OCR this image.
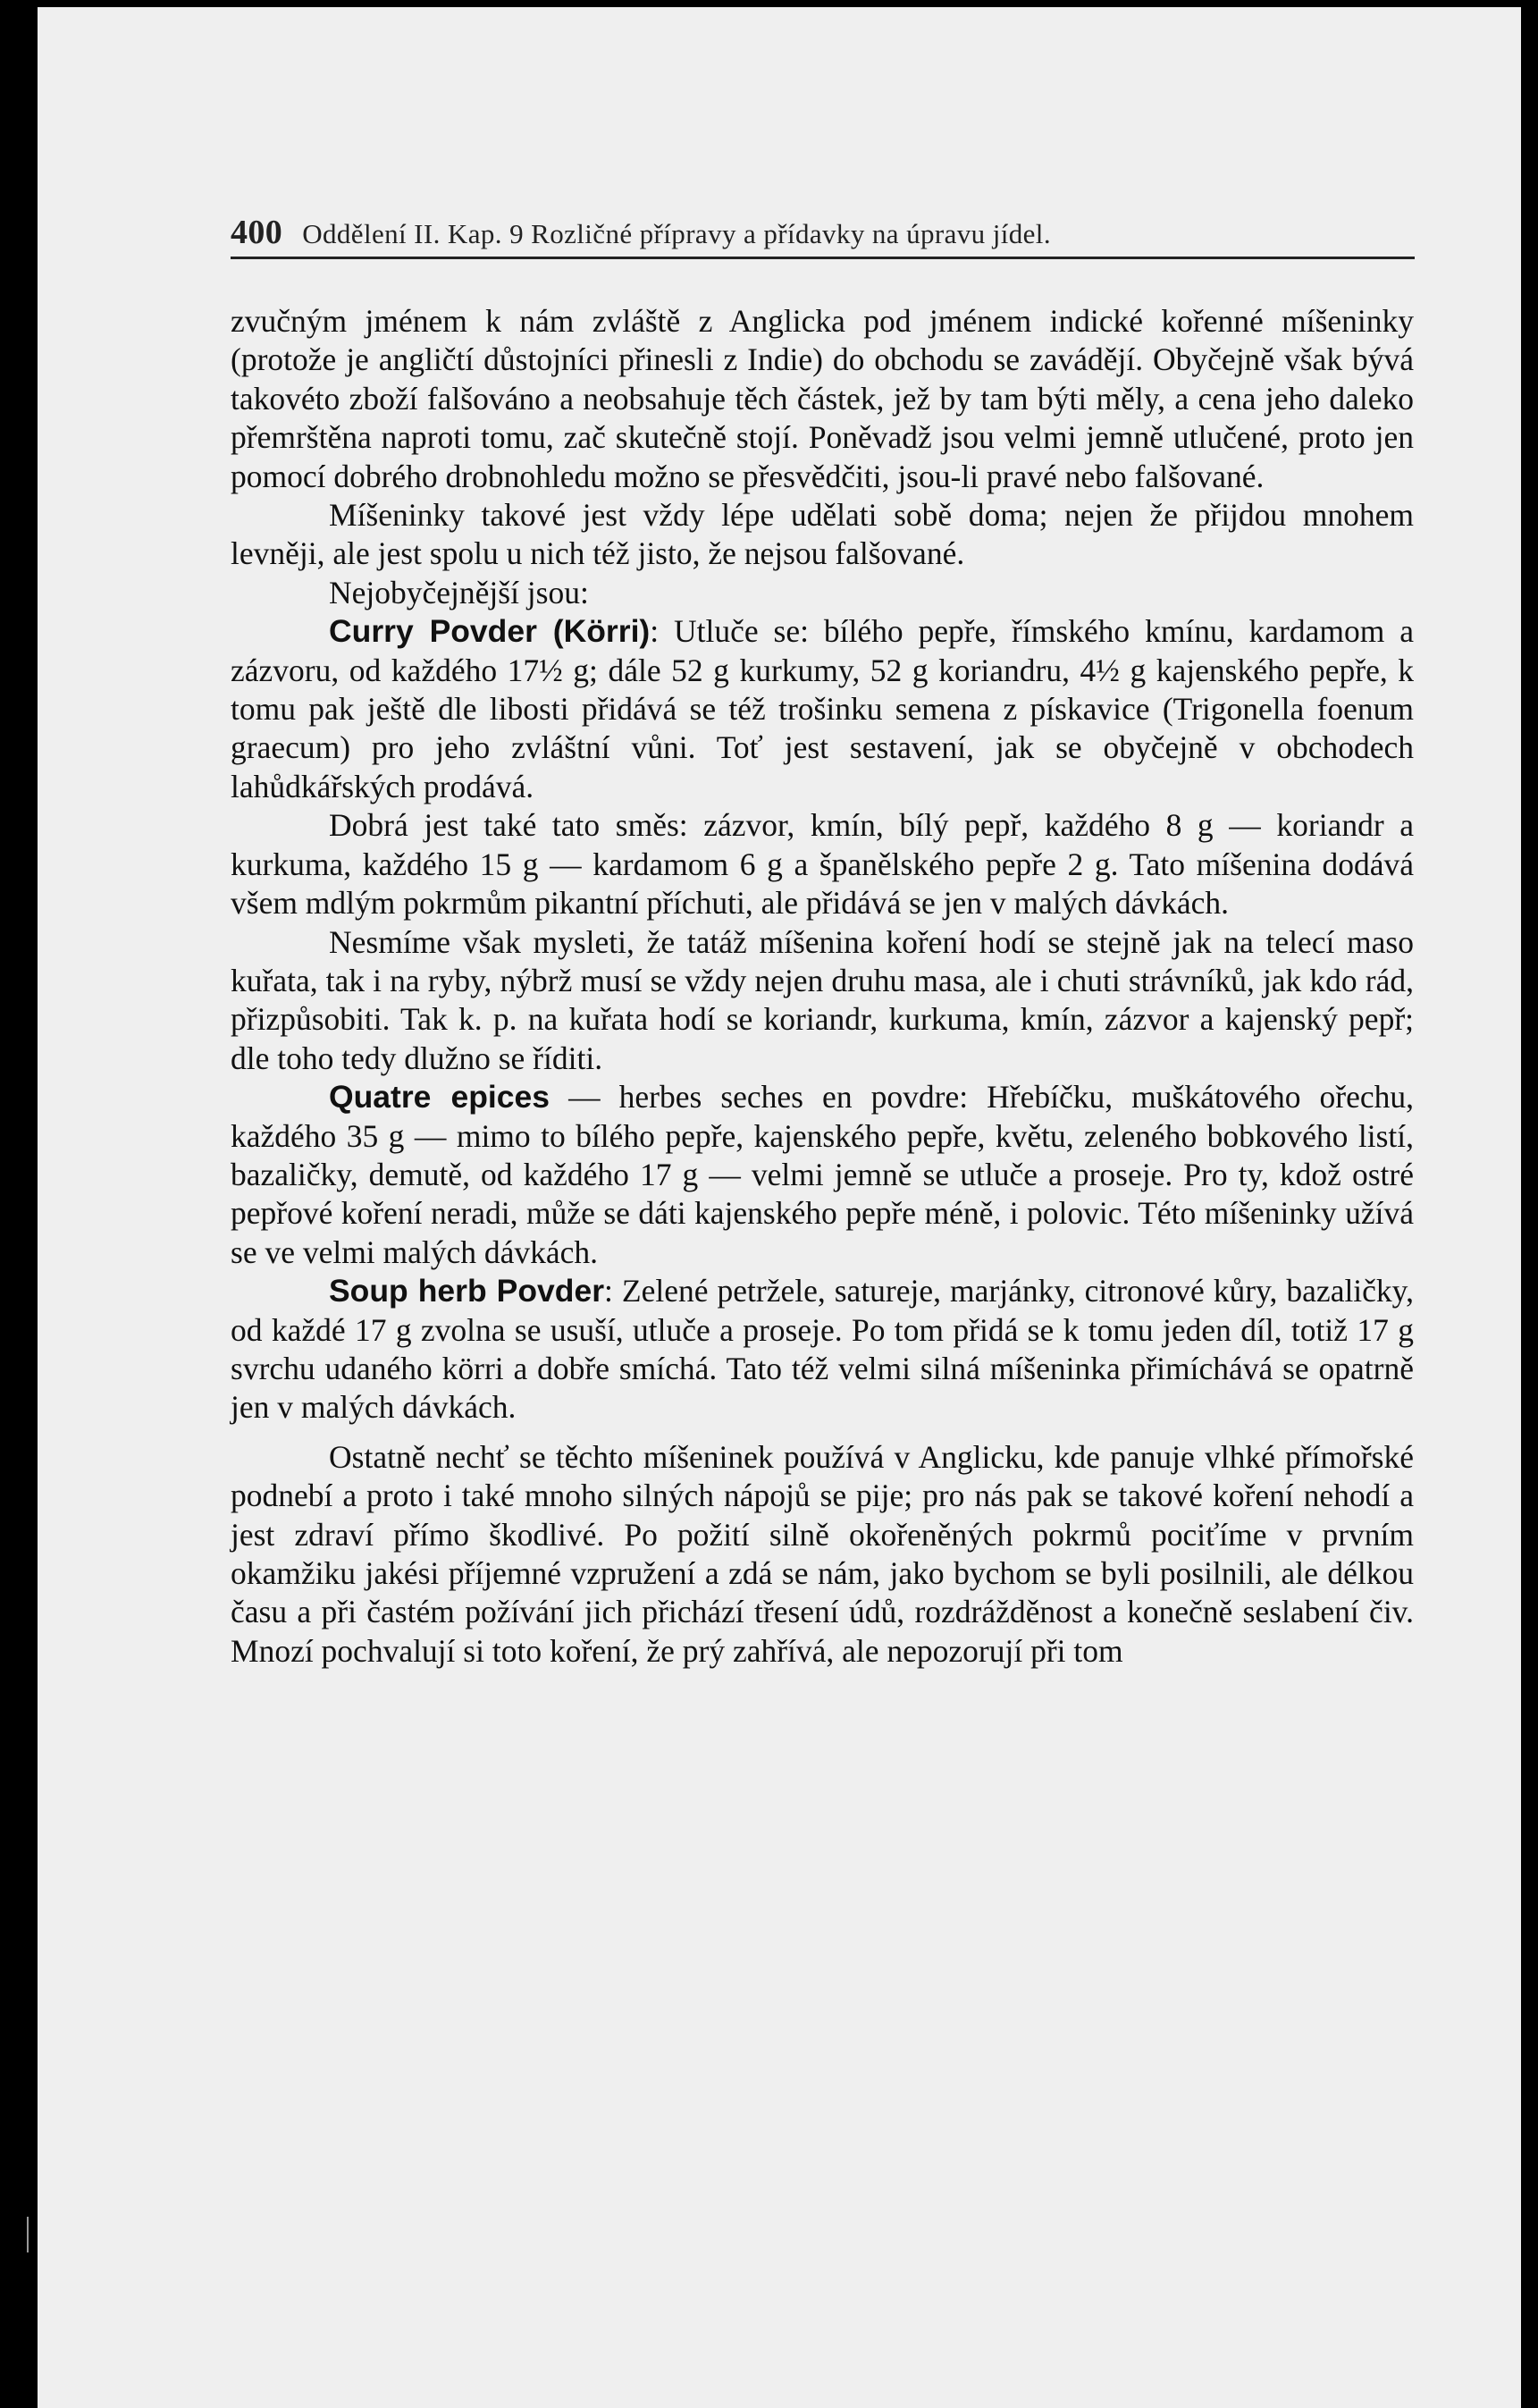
400 Oddělení II. Kap. 9 Rozličné přípravy a přídavky na úpravu jídel.

zvučným jménem k nám zvláště z Anglicka pod jménem indické kořenné míšeninky (protože je angličtí důstojníci přinesli z Indie) do obchodu se zavádějí. Obyčejně však bývá takovéto zboží falšováno a neobsahuje těch částek, jež by tam býti měly, a cena jeho daleko přemrštěna naproti tomu, zač skutečně stojí. Poněvadž jsou velmi jemně utlučené, proto jen pomocí dobrého drobnohledu možno se přesvědčiti, jsou-li pravé nebo falšované.

Míšeninky takové jest vždy lépe udělati sobě doma; nejen že přijdou mnohem levněji, ale jest spolu u nich též jisto, že nejsou falšované.

Nejobyčejnější jsou:

Curry Povder (Körri): Utluče se: bílého pepře, římského kmínu, kardamom a zázvoru, od každého 17½ g; dále 52 g kurkumy, 52 g koriandru, 4½ g kajenského pepře, k tomu pak ještě dle libosti přidává se též trošinku semena z pískavice (Trigonella foenum graecum) pro jeho zvláštní vůni. Toť jest sestavení, jak se obyčejně v obchodech lahůdkářských prodává.

Dobrá jest také tato směs: zázvor, kmín, bílý pepř, každého 8 g — koriandr a kurkuma, každého 15 g — kardamom 6 g a španělského pepře 2 g. Tato míšenina dodává všem mdlým pokrmům pikantní příchuti, ale přidává se jen v malých dávkách.

Nesmíme však mysleti, že tatáž míšenina koření hodí se stejně jak na telecí maso kuřata, tak i na ryby, nýbrž musí se vždy nejen druhu masa, ale i chuti strávníků, jak kdo rád, přizpůsobiti. Tak k. p. na kuřata hodí se koriandr, kurkuma, kmín, zázvor a kajenský pepř; dle toho tedy dlužno se říditi.

Quatre epices — herbes seches en povdre: Hřebíčku, muškátového ořechu, každého 35 g — mimo to bílého pepře, kajenského pepře, květu, zeleného bobkového listí, bazaličky, demutě, od každého 17 g — velmi jemně se utluče a proseje. Pro ty, kdož ostré pepřové koření neradi, může se dáti kajenského pepře méně, i polovic. Této míšeninky užívá se ve velmi malých dávkách.

Soup herb Povder: Zelené petržele, satureje, marjánky, citronové kůry, bazaličky, od každé 17 g zvolna se usuší, utluče a proseje. Po tom přidá se k tomu jeden díl, totiž 17 g svrchu udaného körri a dobře smíchá. Tato též velmi silná míšeninka přimíchává se opatrně jen v malých dávkách.

Ostatně nechť se těchto míšeninek používá v Anglicku, kde panuje vlhké přímořské podnebí a proto i také mnoho silných nápojů se pije; pro nás pak se takové koření nehodí a jest zdraví přímo škodlivé. Po požití silně okořeněných pokrmů pociťíme v prvním okamžiku jakési příjemné vzpružení a zdá se nám, jako bychom se byli posilnili, ale délkou času a při častém požívání jich přichází třesení údů, rozdrážděnost a konečně seslabení čiv. Mnozí pochvalují si toto koření, že prý zahřívá, ale nepozorují při tom
